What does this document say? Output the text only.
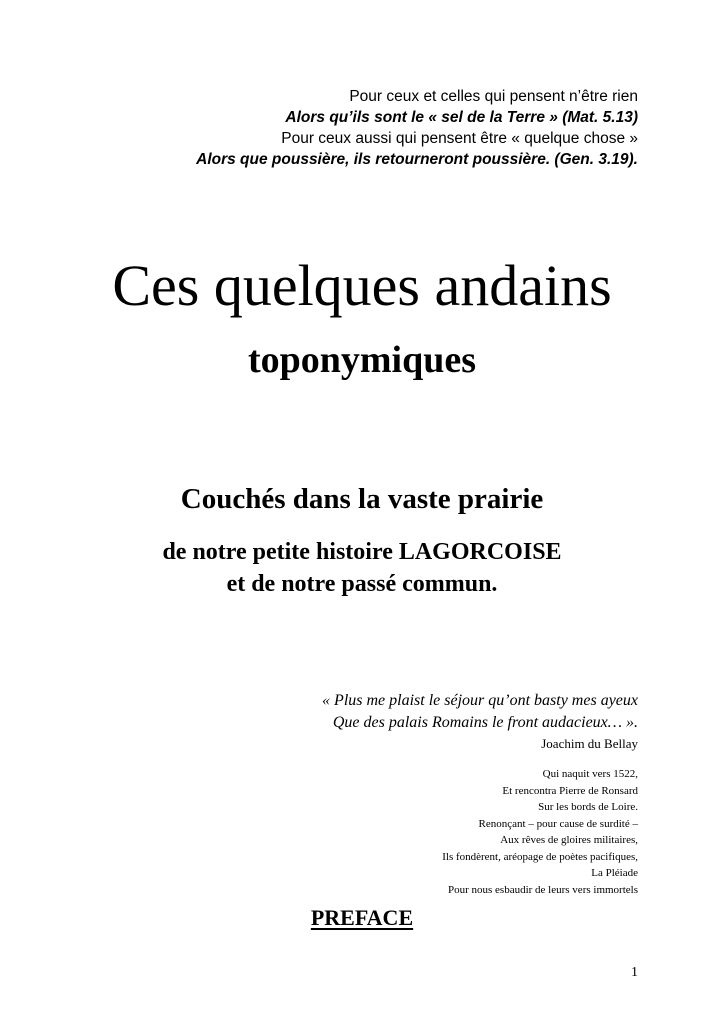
Pour ceux et celles qui pensent n’être rien
Alors qu’ils sont le « sel de la Terre » (Mat. 5.13)
Pour ceux aussi qui pensent être « quelque chose »
Alors que poussière, ils retourneront poussière. (Gen. 3.19).
Ces quelques andains
toponymiques
Couchés dans la vaste prairie
de notre petite histoire LAGORCOISE
et de notre passé commun.
« Plus me plaist le séjour qu’ont basty mes ayeux
Que des palais Romains le front audacieux… ».
Joachim du Bellay
Qui naquit vers 1522,
Et rencontra Pierre de Ronsard
Sur les bords de Loire.
Renonçant – pour cause de surdité –
Aux rêves de gloires militaires,
Ils fondèrent, aréopage de poètes pacifiques,
La Pléiade
Pour nous esbaudir de leurs vers immortels
PREFACE
1
